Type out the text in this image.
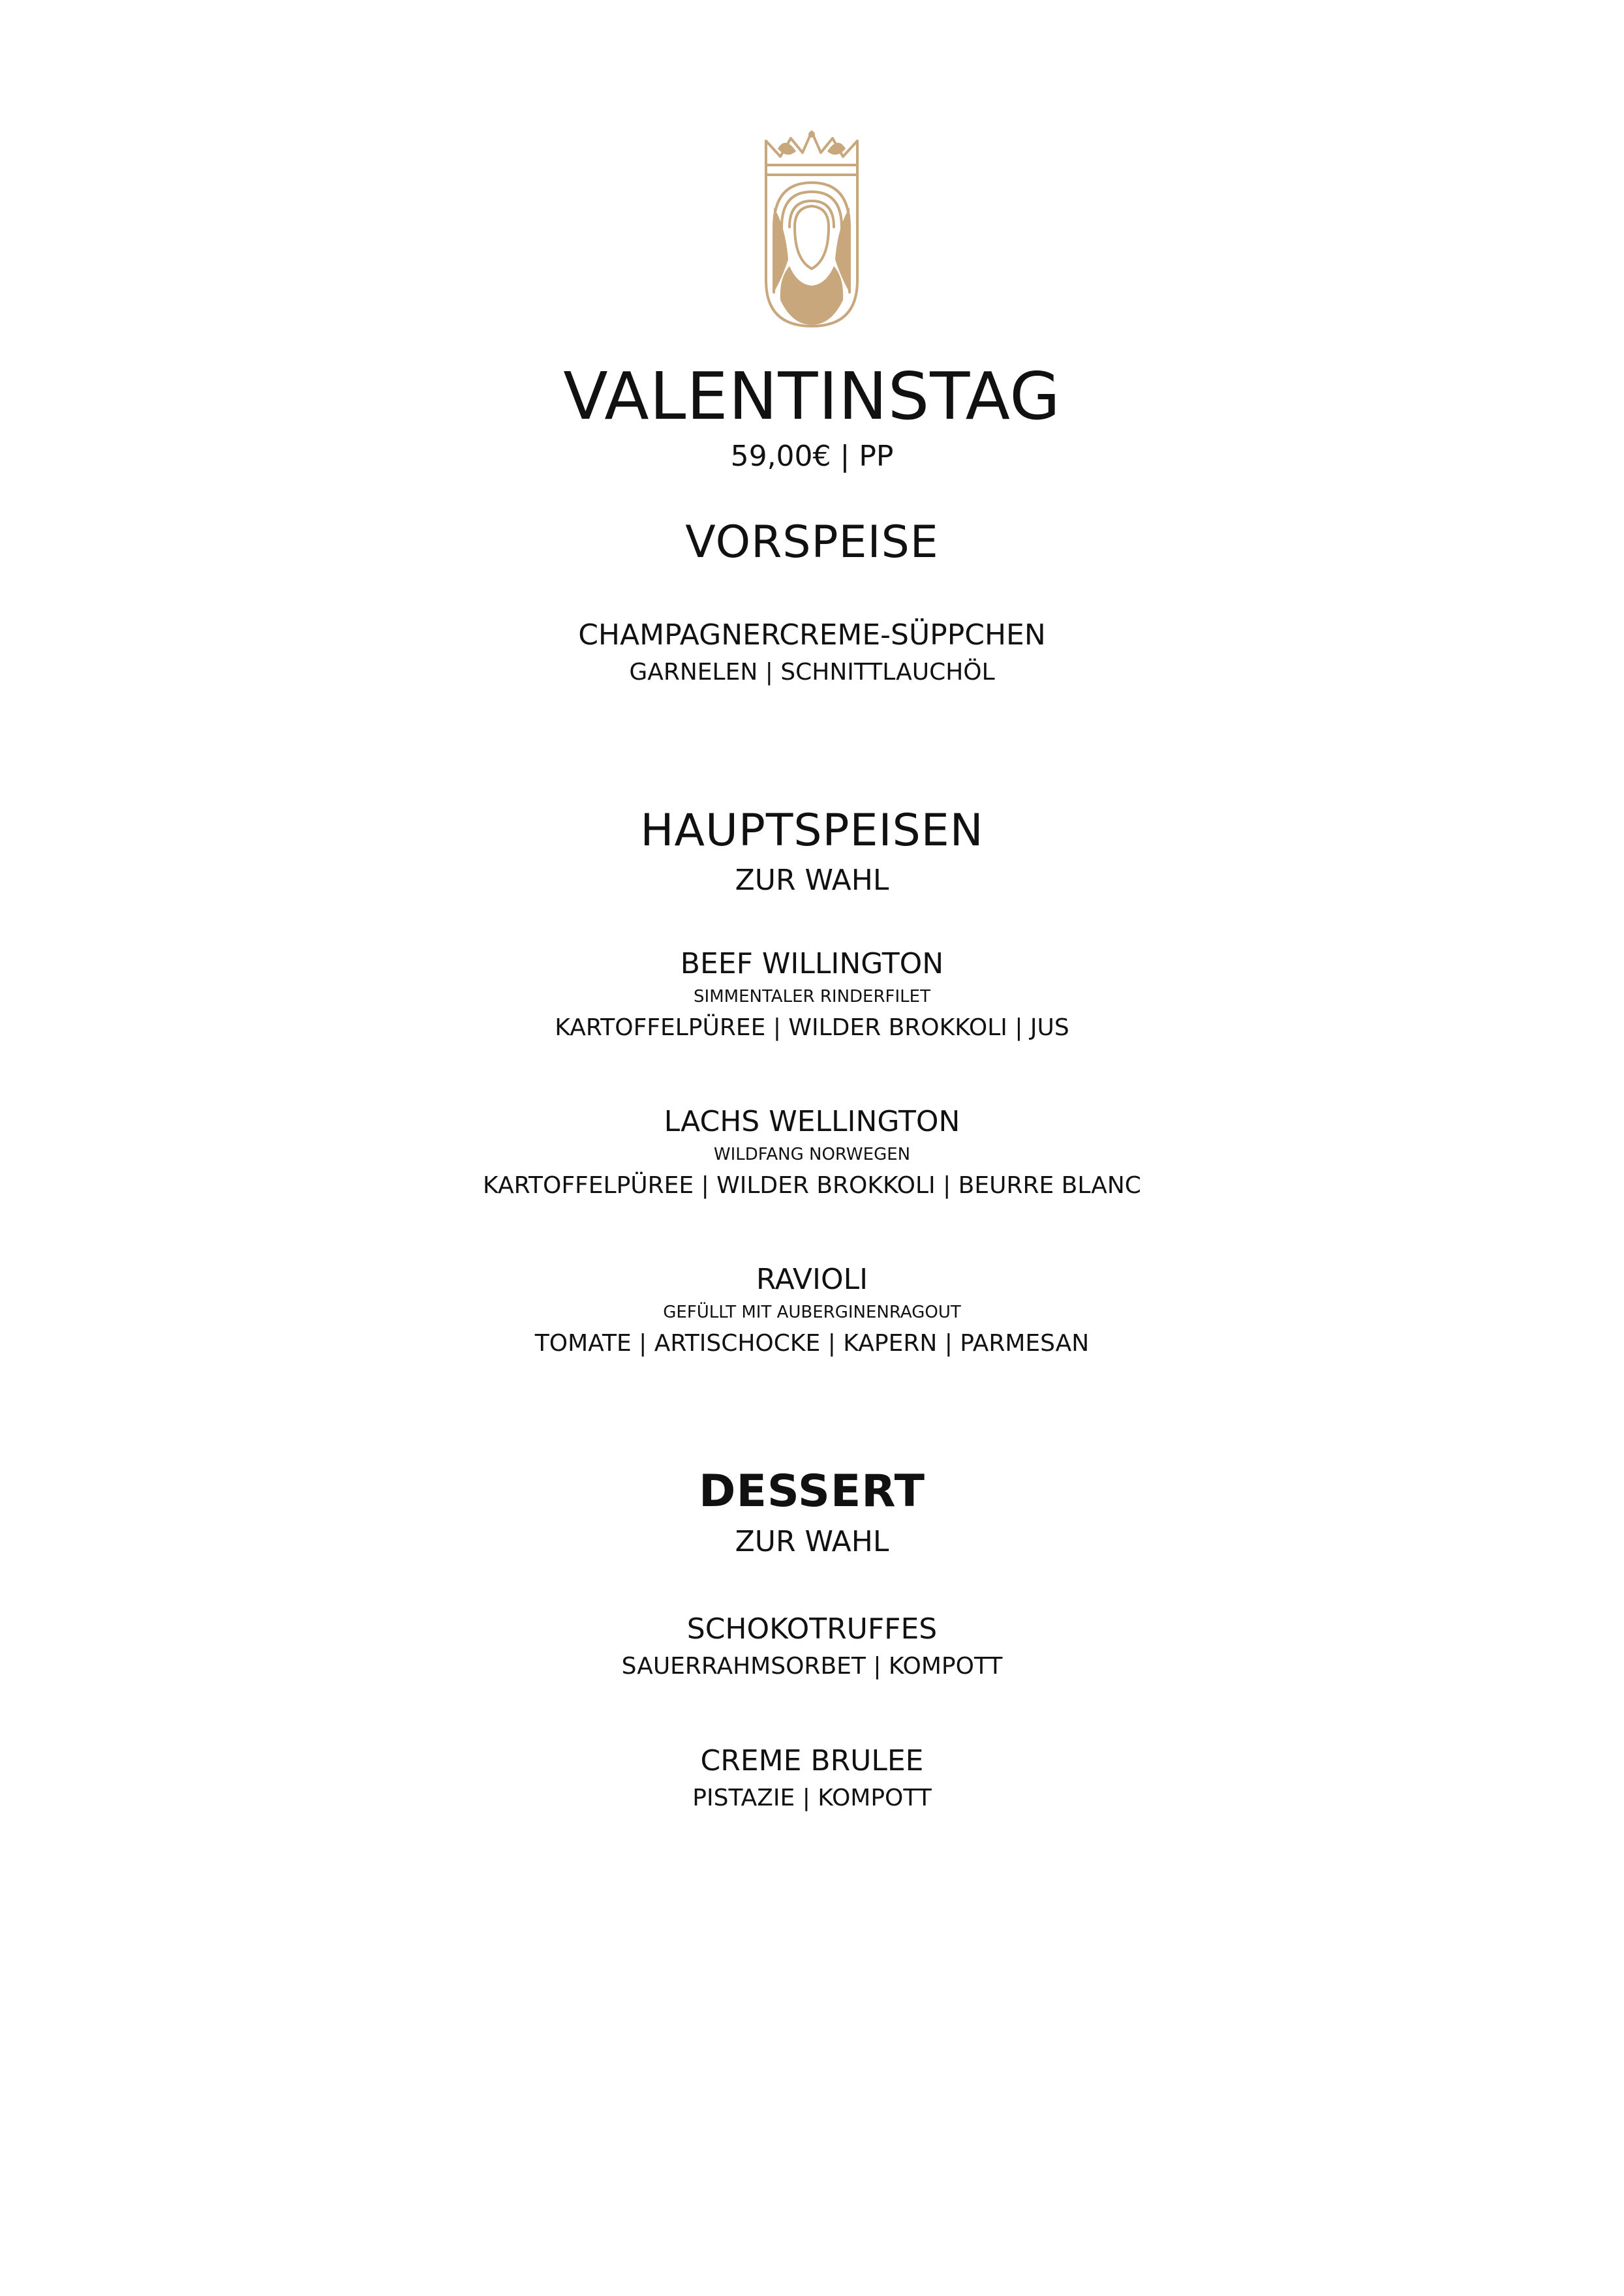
VALENTINSTAG
59,00€ | PP
VORSPEISE
CHAMPAGNERCREME-SÜPPCHEN
GARNELEN | SCHNITTLAUCHÖL
HAUPTSPEISEN
ZUR WAHL
BEEF WILLINGTON
SIMMENTALER RINDERFILET
KARTOFFELPÜREE | WILDER BROKKOLI | JUS
LACHS WELLINGTON
WILDFANG NORWEGEN
KARTOFFELPÜREE | WILDER BROKKOLI | BEURRE BLANC
RAVIOLI
GEFÜLLT MIT AUBERGINENRAGOUT
TOMATE | ARTISCHOCKE | KAPERN | PARMESAN
DESSERT
ZUR WAHL
SCHOKOTRUFFES
SAUERRAHMSORBET | KOMPOTT
CREME BRULEE
PISTAZIE | KOMPOTT
